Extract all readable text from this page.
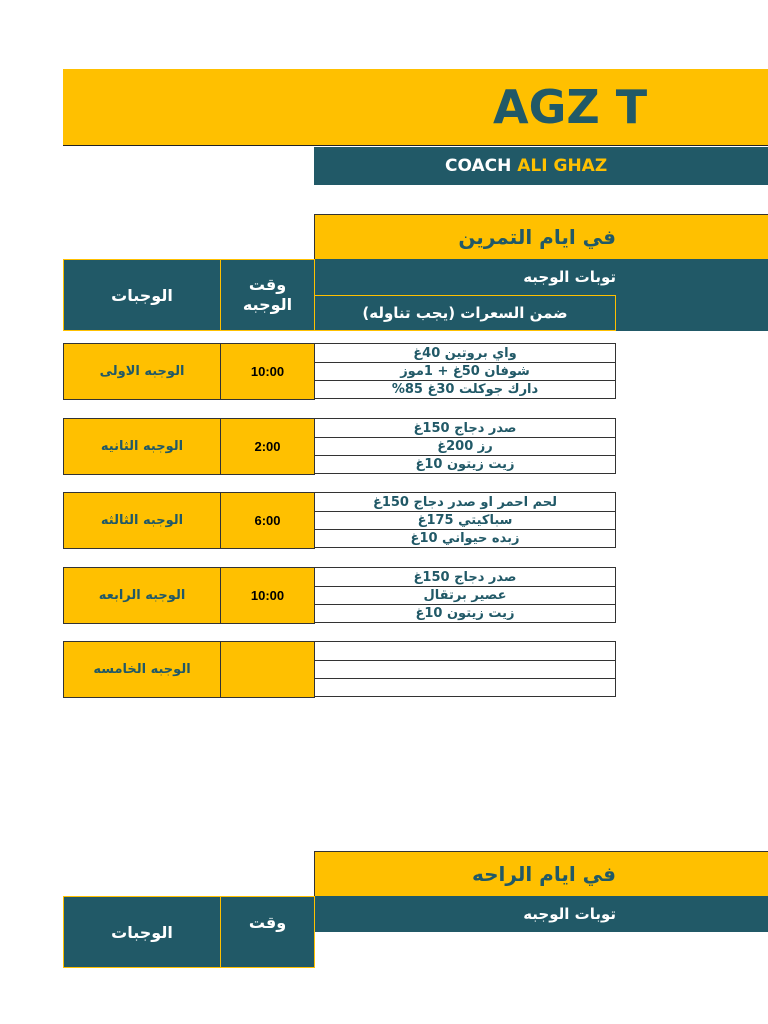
AGZ T
COACH ALI GHAZ
في ايام التمرين
الوجبات
وقت الوجبه
توبات الوجبه
ضمن السعرات (يجب تناوله)
الوجبه الاولى	10:00
واي بروتين 40غ
شوفان 50غ + 1موز
دارك جوكلت 30غ 85%
الوجبه الثانيه	2:00
صدر دجاج 150غ
رز 200غ
زيت زيتون 10غ
الوجبه الثالثه	6:00
لحم احمر او صدر دجاج 150غ
سباكيتي 175غ
زبده حيواني 10غ
الوجبه الرابعه	10:00
صدر دجاج 150غ
عصير برتقال
زيت زيتون 10غ
الوجبه الخامسه
في ايام الراحه
الوجبات	وقت	توبات الوجبه
